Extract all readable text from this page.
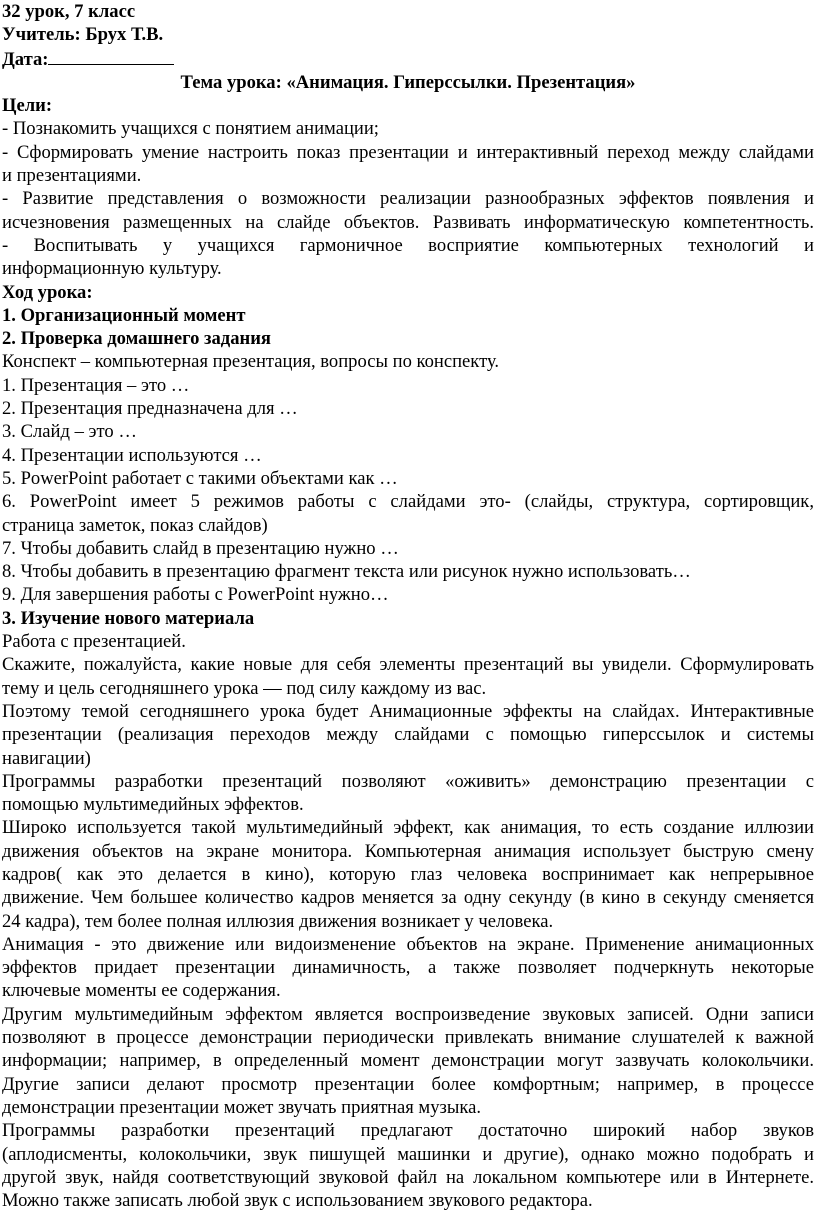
32 урок, 7 класс

Учитель: Брух Т.В.

Дата:

Тема урока: «Анимация. Гиперссылки. Презентация»

Цели:

- Познакомить учащихся с понятием анимации;

- Сформировать умение настроить показ презентации и интерактивный переход между слайдами

и презентациями.

- Развитие представления о возможности реализации разнообразных эффектов появления и

исчезновения размещенных на слайде объектов. Развивать информатическую компетентность.

- Воспитывать у учащихся гармоничное восприятие компьютерных технологий и

информационную культуру.

Ход урока:

1. Организационный момент

2. Проверка домашнего задания

Конспект – компьютерная презентация, вопросы по конспекту.

1. Презентация – это …

2. Презентация предназначена для …

3. Слайд – это …

4. Презентации используются …

5. PowerPoint работает с такими объектами как …

6. PowerPoint имеет 5 режимов работы с слайдами это- (слайды, структура, сортировщик,

страница заметок, показ слайдов)

7. Чтобы добавить слайд в презентацию нужно …

8. Чтобы добавить в презентацию фрагмент текста или рисунок нужно использовать…

9. Для завершения работы с PowerPoint нужно…

3. Изучение нового материала

Работа с презентацией.

Скажите, пожалуйста, какие новые для себя элементы презентаций вы увидели. Сформулировать

тему и цель сегодняшнего урока — под силу каждому из вас.

Поэтому темой сегодняшнего урока будет Анимационные эффекты на слайдах. Интерактивные

презентации (реализация переходов между слайдами с помощью гиперссылок и системы

навигации)

Программы разработки презентаций позволяют «оживить» демонстрацию презентации с

помощью мультимедийных эффектов.

Широко используется такой мультимедийный эффект, как анимация, то есть создание иллюзии

движения объектов на экране монитора. Компьютерная анимация использует быструю смену

кадров( как это делается в кино), которую глаз человека воспринимает как непрерывное

движение. Чем большее количество кадров меняется за одну секунду (в кино в секунду сменяется

24 кадра), тем более полная иллюзия движения возникает у человека.

Анимация - это движение или видоизменение объектов на экране. Применение анимационных

эффектов придает презентации динамичность, а также позволяет подчеркнуть некоторые

ключевые моменты ее содержания.

Другим мультимедийным эффектом является воспроизведение звуковых записей. Одни записи

позволяют в процессе демонстрации периодически привлекать внимание слушателей к важной

информации; например, в определенный момент демонстрации могут зазвучать колокольчики.

Другие записи делают просмотр презентации более комфортным; например, в процессе

демонстрации презентации может звучать приятная музыка.

Программы разработки презентаций предлагают достаточно широкий набор звуков

(аплодисменты, колокольчики, звук пишущей машинки и другие), однако можно подобрать и

другой звук, найдя соответствующий звуковой файл на локальном компьютере или в Интернете.

Можно также записать любой звук с использованием звукового редактора.
